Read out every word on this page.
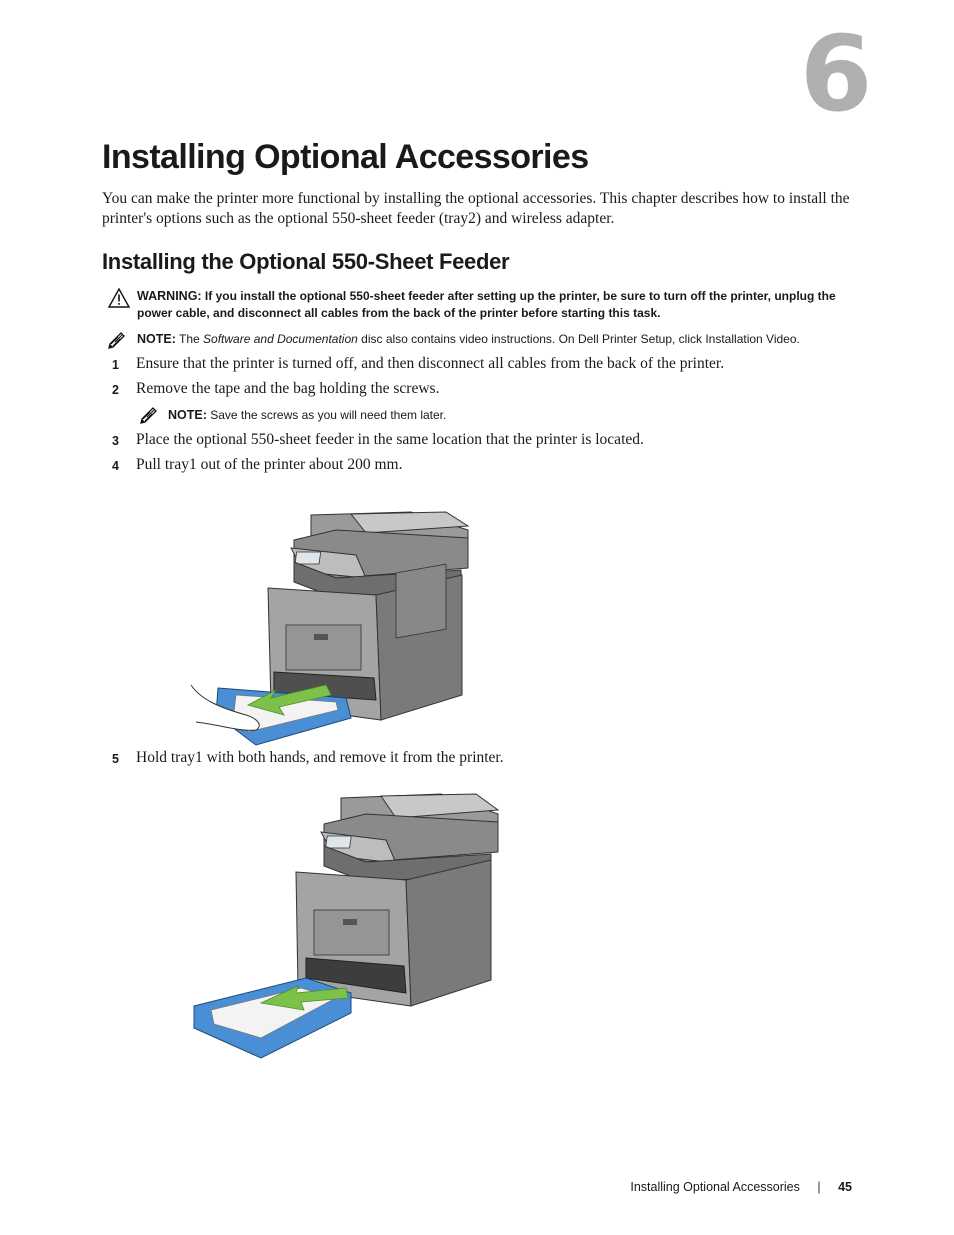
6
Installing Optional Accessories

You can make the printer more functional by installing the optional accessories. This chapter describes how to install the printer's options such as the optional 550-sheet feeder (tray2) and wireless adapter.

Installing the Optional 550-Sheet Feeder
WARNING: If you install the optional 550-sheet feeder after setting up the printer, be sure to turn off the printer, unplug the power cable, and disconnect all cables from the back of the printer before starting this task.
NOTE: The Software and Documentation disc also contains video instructions. On Dell Printer Setup, click Installation Video.
1	Ensure that the printer is turned off, and then disconnect all cables from the back of the printer.
2	Remove the tape and the bag holding the screws.
NOTE: Save the screws as you will need them later.
3	Place the optional 550-sheet feeder in the same location that the printer is located.
4	Pull tray1 out of the printer about 200 mm.
5	Hold tray1 with both hands, and remove it from the printer.
Installing Optional Accessories | 45
